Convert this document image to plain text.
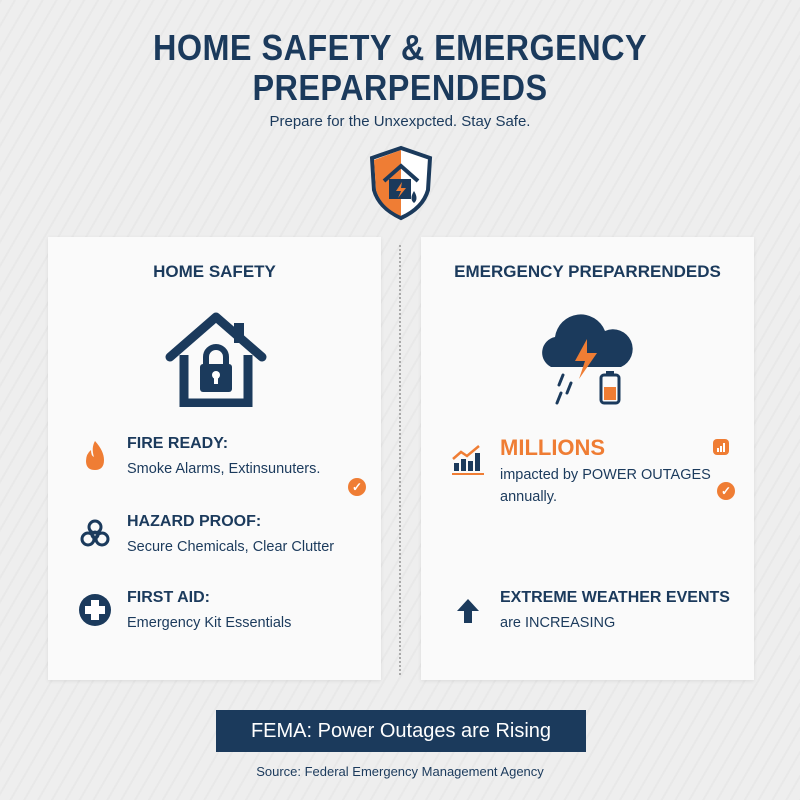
HOME SAFETY & EMERGENCY
PREPARPENDEDS
Prepare for the Unxexpcted. Stay Safe.
HOME SAFETY
FIRE READY:
Smoke Alarms, Extinsunuters.
✓
HAZARD PROOF:
Secure Chemicals, Clear Clutter
FIRST AID:
Emergency Kit Essentials
EMERGENCY PREPARRENDEDS
MILLIONS
impacted by POWER OUTAGES
annually.	✓
EXTREME WEATHER EVENTS
are INCREASING
FEMA: Power Outages are Rising
Source: Federal Emergency Management Agency
